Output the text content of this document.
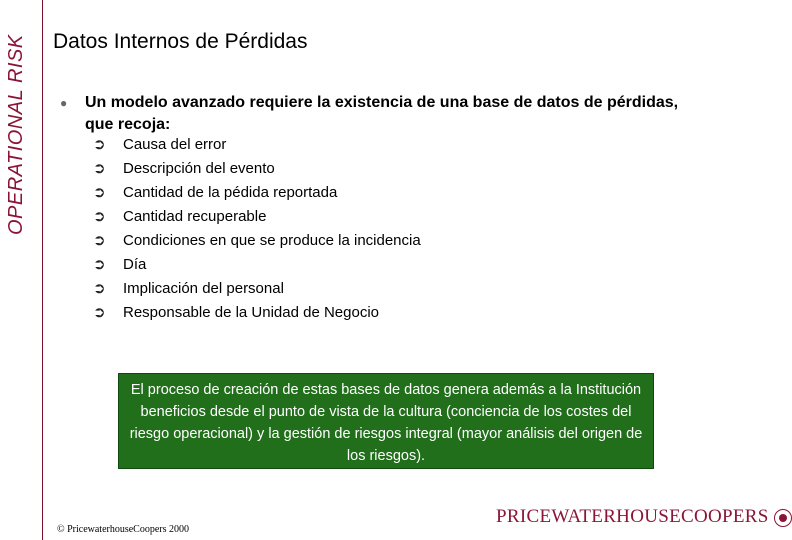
OPERATIONAL RISK Datos Internos de Pérdidas
● Un modelo avanzado requiere la existencia de una base de datos de pérdidas, que recoja:
➲ Causa del error
➲ Descripción del evento
➲ Cantidad de la pédida reportada
➲ Cantidad recuperable
➲ Condiciones en que se produce la incidencia
➲ Día
➲ Implicación del personal
➲ Responsable de la Unidad de Negocio
El proceso de creación de estas bases de datos genera además a la Institución beneficios desde el punto de vista de la cultura (conciencia de los costes del riesgo operacional) y la gestión de riesgos integral (mayor análisis del origen de los riesgos).
© PricewaterhouseCoopers 2000
PRICEWATERHOUSECOOPERS
